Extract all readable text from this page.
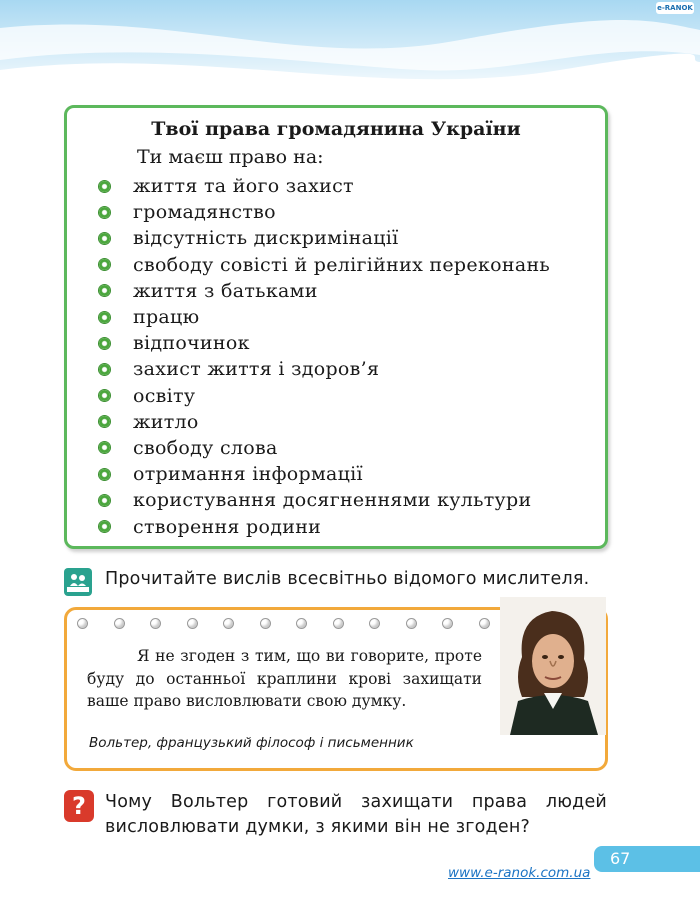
e-RANOK
Твої права громадянина України
Ти маєш право на:
життя та його захист
громадянство
відсутність дискримінації
свободу совісті й релігійних переконань
життя з батьками
працю
відпочинок
захист життя і здоров’я
освіту
житло
свободу слова
отримання інформації
користування досягненнями культури
створення родини
Прочитайте вислів всесвітньо відомого мислителя.
Я не згоден з тим, що ви говорите, проте буду до останньої краплини крові захищати ваше право висловлювати свою думку.
Вольтер, французький філософ і письменник
?	Чому Вольтер готовий захищати права людей висловлювати думки, з якими він не згоден?
67
www.e-ranok.com.ua
